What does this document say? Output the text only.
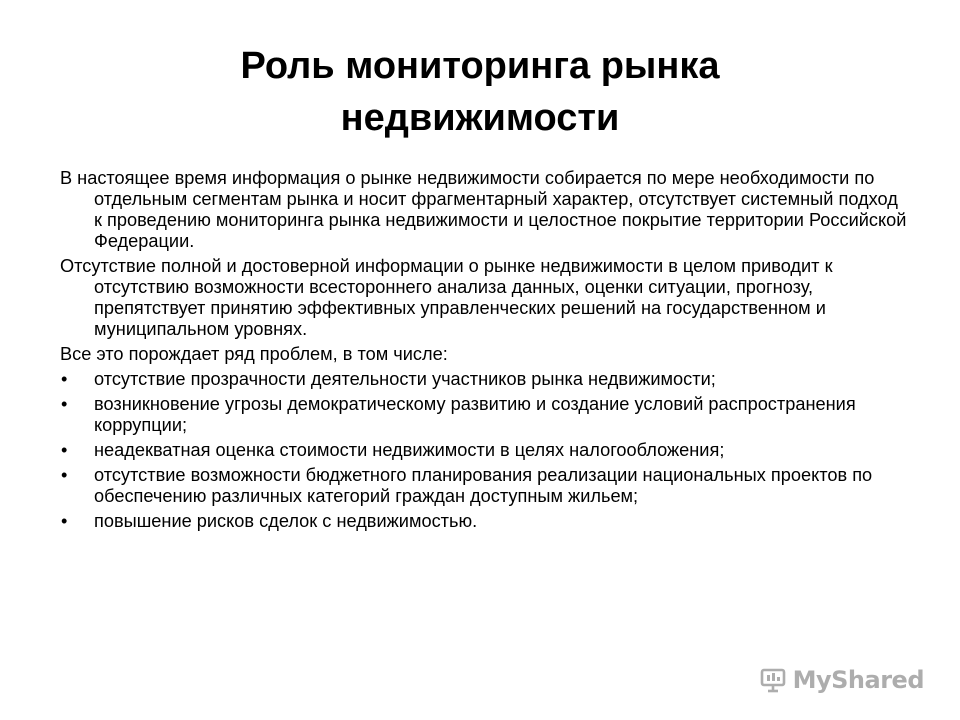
Роль мониторинга рынка
недвижимости

В настоящее время информация о рынке недвижимости собирается по мере необходимости по отдельным сегментам рынка и носит фрагментарный характер, отсутствует системный подход к проведению мониторинга рынка недвижимости и целостное покрытие территории Российской Федерации.

Отсутствие полной и достоверной информации о рынке недвижимости в целом приводит к отсутствию возможности всестороннего анализа данных, оценки ситуации, прогнозу, препятствует принятию эффективных управленческих решений на государственном и муниципальном уровнях.

Все это порождает ряд проблем, в том числе:

• отсутствие прозрачности деятельности участников рынка недвижимости;
• возникновение угрозы демократическому развитию и создание условий распространения коррупции;
• неадекватная оценка стоимости недвижимости в целях налогообложения;
• отсутствие возможности бюджетного планирования реализации национальных проектов по обеспечению различных категорий граждан доступным жильем;
• повышение рисков сделок с недвижимостью.
MyShared
